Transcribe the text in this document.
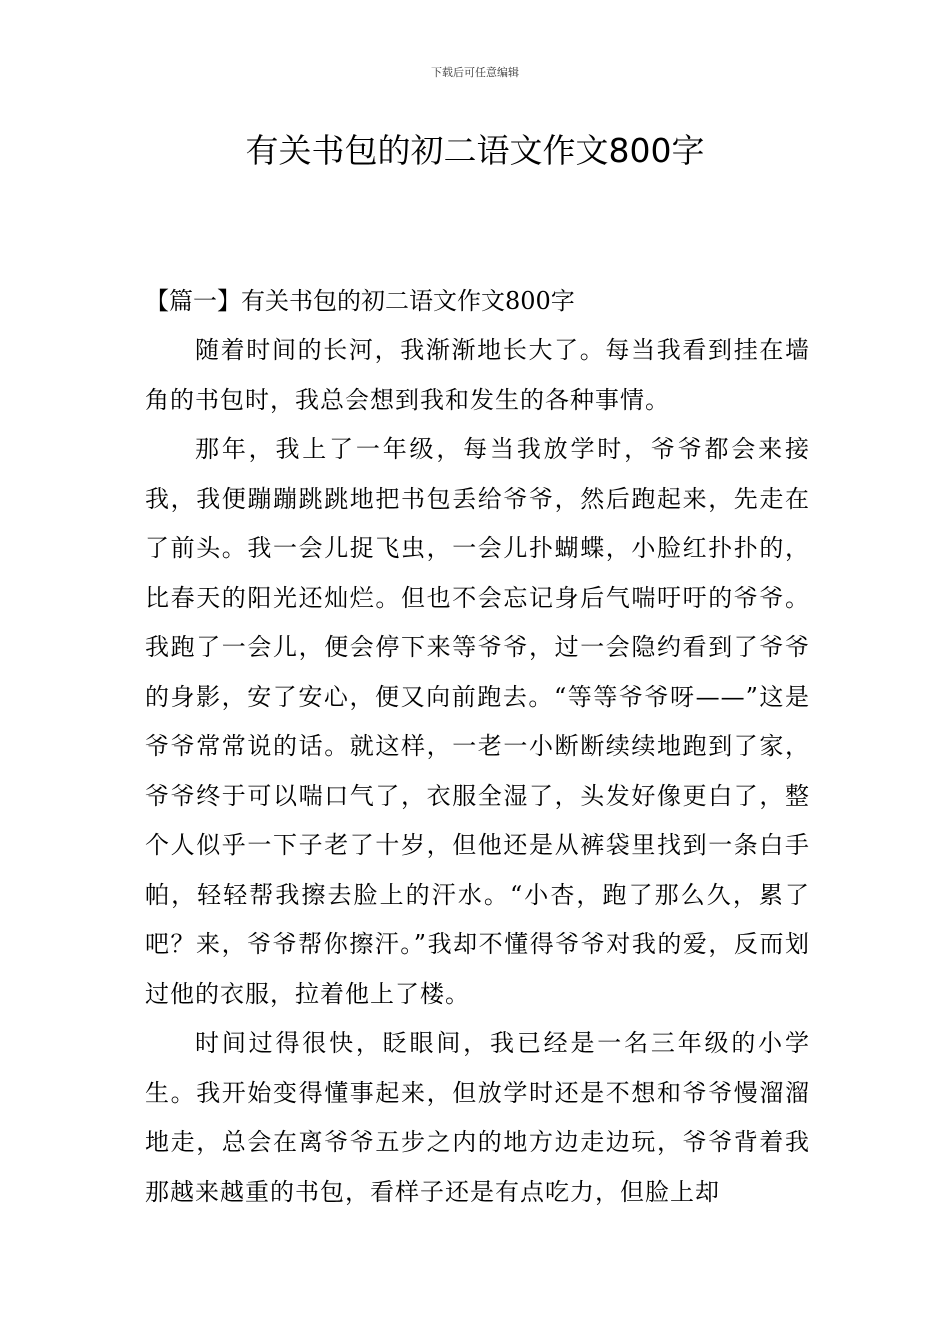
下载后可任意编辑
有关书包的初二语文作文800字

【篇一】有关书包的初二语文作文800字

随着时间的长河，我渐渐地长大了。每当我看到挂在墙角的书包时，我总会想到我和发生的各种事情。

那年，我上了一年级，每当我放学时，爷爷都会来接我，我便蹦蹦跳跳地把书包丢给爷爷，然后跑起来，先走在了前头。我一会儿捉飞虫，一会儿扑蝴蝶，小脸红扑扑的，比春天的阳光还灿烂。但也不会忘记身后气喘吁吁的爷爷。我跑了一会儿，便会停下来等爷爷，过一会隐约看到了爷爷的身影，安了安心，便又向前跑去。“等等爷爷呀——”这是爷爷常常说的话。就这样，一老一小断断续续地跑到了家，爷爷终于可以喘口气了，衣服全湿了，头发好像更白了，整个人似乎一下子老了十岁，但他还是从裤袋里找到一条白手帕，轻轻帮我擦去脸上的汗水。“小杏，跑了那么久，累了吧？来，爷爷帮你擦汗。”我却不懂得爷爷对我的爱，反而划过他的衣服，拉着他上了楼。

时间过得很快，眨眼间，我已经是一名三年级的小学生。我开始变得懂事起来，但放学时还是不想和爷爷慢溜溜地走，总会在离爷爷五步之内的地方边走边玩，爷爷背着我那越来越重的书包，看样子还是有点吃力，但脸上却
